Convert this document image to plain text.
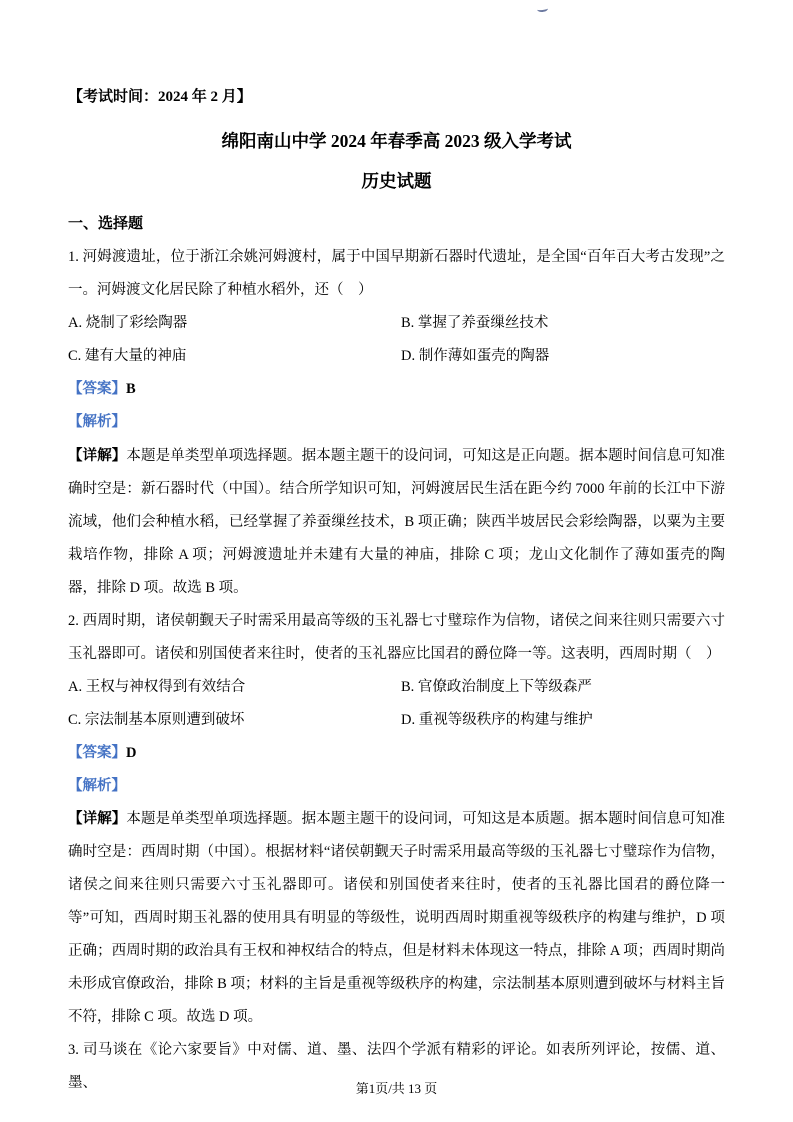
【考试时间：2024 年 2 月】

绵阳南山中学 2024 年春季高 2023 级入学考试
历史试题

一、选择题

1. 河姆渡遗址，位于浙江余姚河姆渡村，属于中国早期新石器时代遗址，是全国“百年百大考古发现”之一。河姆渡文化居民除了种植水稻外，还（　）

A. 烧制了彩绘陶器	B. 掌握了养蚕缫丝技术
C. 建有大量的神庙	D. 制作薄如蛋壳的陶器

【答案】B

【解析】

【详解】本题是单类型单项选择题。据本题主题干的设问词，可知这是正向题。据本题时间信息可知准确时空是：新石器时代（中国）。结合所学知识可知，河姆渡居民生活在距今约 7000 年前的长江中下游流域，他们会种植水稻，已经掌握了养蚕缫丝技术，B 项正确；陕西半坡居民会彩绘陶器，以粟为主要栽培作物，排除 A 项；河姆渡遗址并未建有大量的神庙，排除 C 项；龙山文化制作了薄如蛋壳的陶器，排除 D 项。故选 B 项。

2. 西周时期，诸侯朝觐天子时需采用最高等级的玉礼器七寸璧琮作为信物，诸侯之间来往则只需要六寸玉礼器即可。诸侯和别国使者来往时，使者的玉礼器应比国君的爵位降一等。这表明，西周时期（　）

A. 王权与神权得到有效结合	B. 官僚政治制度上下等级森严
C. 宗法制基本原则遭到破坏	D. 重视等级秩序的构建与维护

【答案】D

【解析】

【详解】本题是单类型单项选择题。据本题主题干的设问词，可知这是本质题。据本题时间信息可知准确时空是：西周时期（中国）。根据材料“诸侯朝觐天子时需采用最高等级的玉礼器七寸璧琮作为信物，诸侯之间来往则只需要六寸玉礼器即可。诸侯和别国使者来往时，使者的玉礼器比国君的爵位降一等”可知，西周时期玉礼器的使用具有明显的等级性，说明西周时期重视等级秩序的构建与维护，D 项正确；西周时期的政治具有王权和神权结合的特点，但是材料未体现这一特点，排除 A 项；西周时期尚未形成官僚政治，排除 B 项；材料的主旨是重视等级秩序的构建，宗法制基本原则遭到破坏与材料主旨不符，排除 C 项。故选 D 项。

3. 司马谈在《论六家要旨》中对儒、道、墨、法四个学派有精彩的评论。如表所列评论，按儒、道、墨、	第1页/共 13 页
